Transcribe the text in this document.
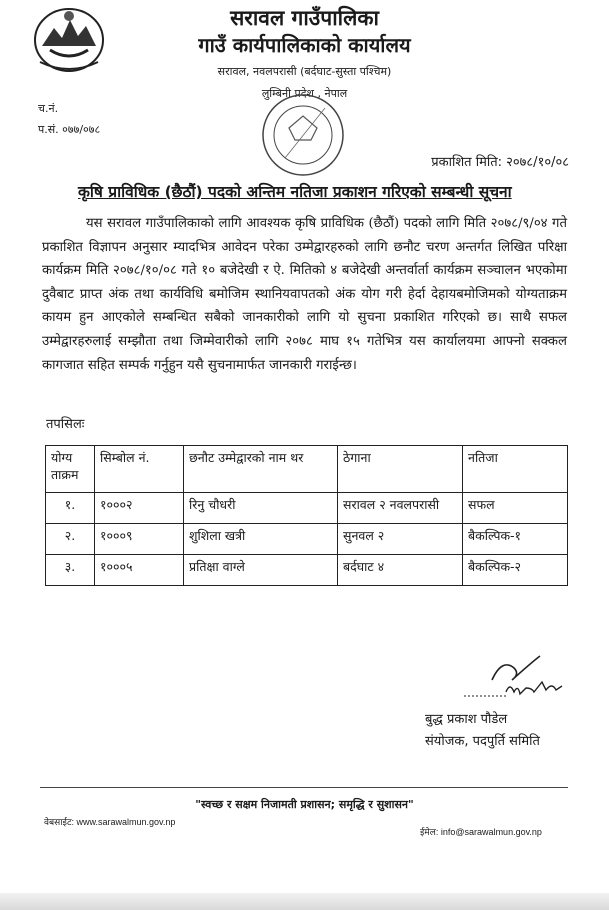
सरावल गाउँपालिका
गाउँ कार्यपालिकाको कार्यालय
सरावल, नवलपरासी (बर्दघाट-सुस्ता पश्चिम)
लुम्बिनी प्रदेश , नेपाल
च.नं.
प.सं. ०७७/०७८
प्रकाशित मिति: २०७८/१०/०८
कृषि प्राविधिक (छैठौं) पदको अन्तिम नतिजा प्रकाशन गरिएको सम्बन्धी सूचना

यस सरावल गाउँपालिकाको लागि आवश्यक कृषि प्राविधिक (छैठौं) पदको लागि मिति २०७८/९/०४ गते प्रकाशित विज्ञापन अनुसार म्यादभित्र आवेदन परेका उम्मेद्वारहरुको लागि छनौट चरण अन्तर्गत लिखित परिक्षा कार्यक्रम मिति २०७८/१०/०८ गते १० बजेदेखी र ऐ. मितिको ४ बजेदेखी अन्तर्वार्ता कार्यक्रम सञ्चालन भएकोमा दुवैबाट प्राप्त अंक तथा कार्यविधि बमोजिम स्थानियवापतको अंक योग गरी हेर्दा देहायबमोजिमको योग्यताक्रम कायम हुन आएकोले सम्बन्धित सबैको जानकारीको लागि यो सुचना प्रकाशित गरिएको छ। साथै सफल उम्मेद्वारहरुलाई सम्झौता तथा जिम्मेवारीको लागि २०७८ माघ १५ गतेभित्र यस कार्यालयमा आफ्नो सक्कल कागजात सहित सम्पर्क गर्नुहुन यसै सुचनामार्फत जानकारी गराईन्छ।

तपसिलः
योग्य ताक्रम	सिम्बोल नं.	छनौट उम्मेद्वारको नाम थर	ठेगाना	नतिजा
१.	१०००२	रिनु चौधरी	सरावल २ नवलपरासी	सफल
२.	१०००९	शुशिला खत्री	सुनवल २	बैकल्पिक-१
३.	१०००५	प्रतिक्षा वाग्ले	बर्दघाट ४	बैकल्पिक-२
बुद्ध प्रकाश पौडेल
संयोजक, पदपुर्ति समिति
"स्वच्छ र सक्षम निजामती प्रशासन; समृद्धि र सुशासन"
वेबसाईट: www.sarawalmun.gov.np
ईमेल: info@sarawalmun.gov.np
